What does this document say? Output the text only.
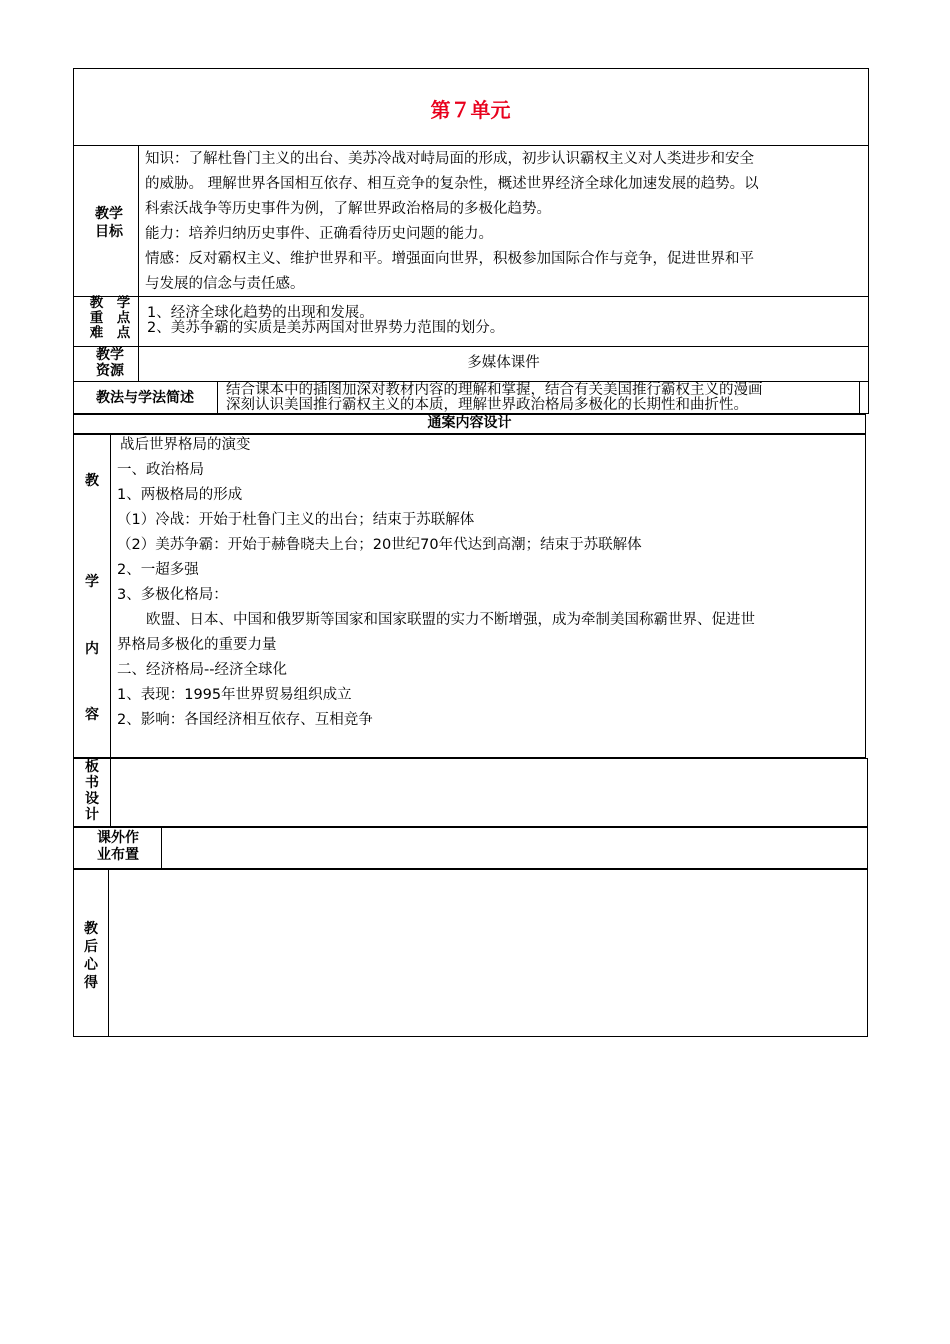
第７单元
教学目标
知识：了解杜鲁门主义的出台、美苏冷战对峙局面的形成，初步认识霸权主义对人类进步和安全
的威胁。 理解世界各国相互依存、相互竞争的复杂性，概述世界经济全球化加速发展的趋势。以
科索沃战争等历史事件为例，了解世界政治格局的多极化趋势。
能力：培养归纳历史事件、正确看待历史问题的能力。
情感：反对霸权主义、维护世界和平。增强面向世界，积极参加国际合作与竞争，促进世界和平
与发展的信念与责任感。
教　学
重　点
难　点
1、经济全球化趋势的出现和发展。
2、美苏争霸的实质是美苏两国对世界势力范围的划分。
教学
资源	多媒体课件
教法与学法简述	结合课本中的插图加深对教材内容的理解和掌握，结合有关美国推行霸权主义的漫画
深刻认识美国推行霸权主义的本质，理解世界政治格局多极化的长期性和曲折性。
通案内容设计
教
学
内
容
战后世界格局的演变
一、政治格局
1、两极格局的形成
（1）冷战：开始于杜鲁门主义的出台；结束于苏联解体
（2）美苏争霸：开始于赫鲁晓夫上台；20世纪70年代达到高潮；结束于苏联解体
2、一超多强
3、多极化格局：
　　欧盟、日本、中国和俄罗斯等国家和国家联盟的实力不断增强，成为牵制美国称霸世界、促进世
界格局多极化的重要力量
二、经济格局--经济全球化
1、表现：1995年世界贸易组织成立
2、影响：各国经济相互依存、互相竞争
板
书
设
计
课外作
业布置
教
后
心
得
